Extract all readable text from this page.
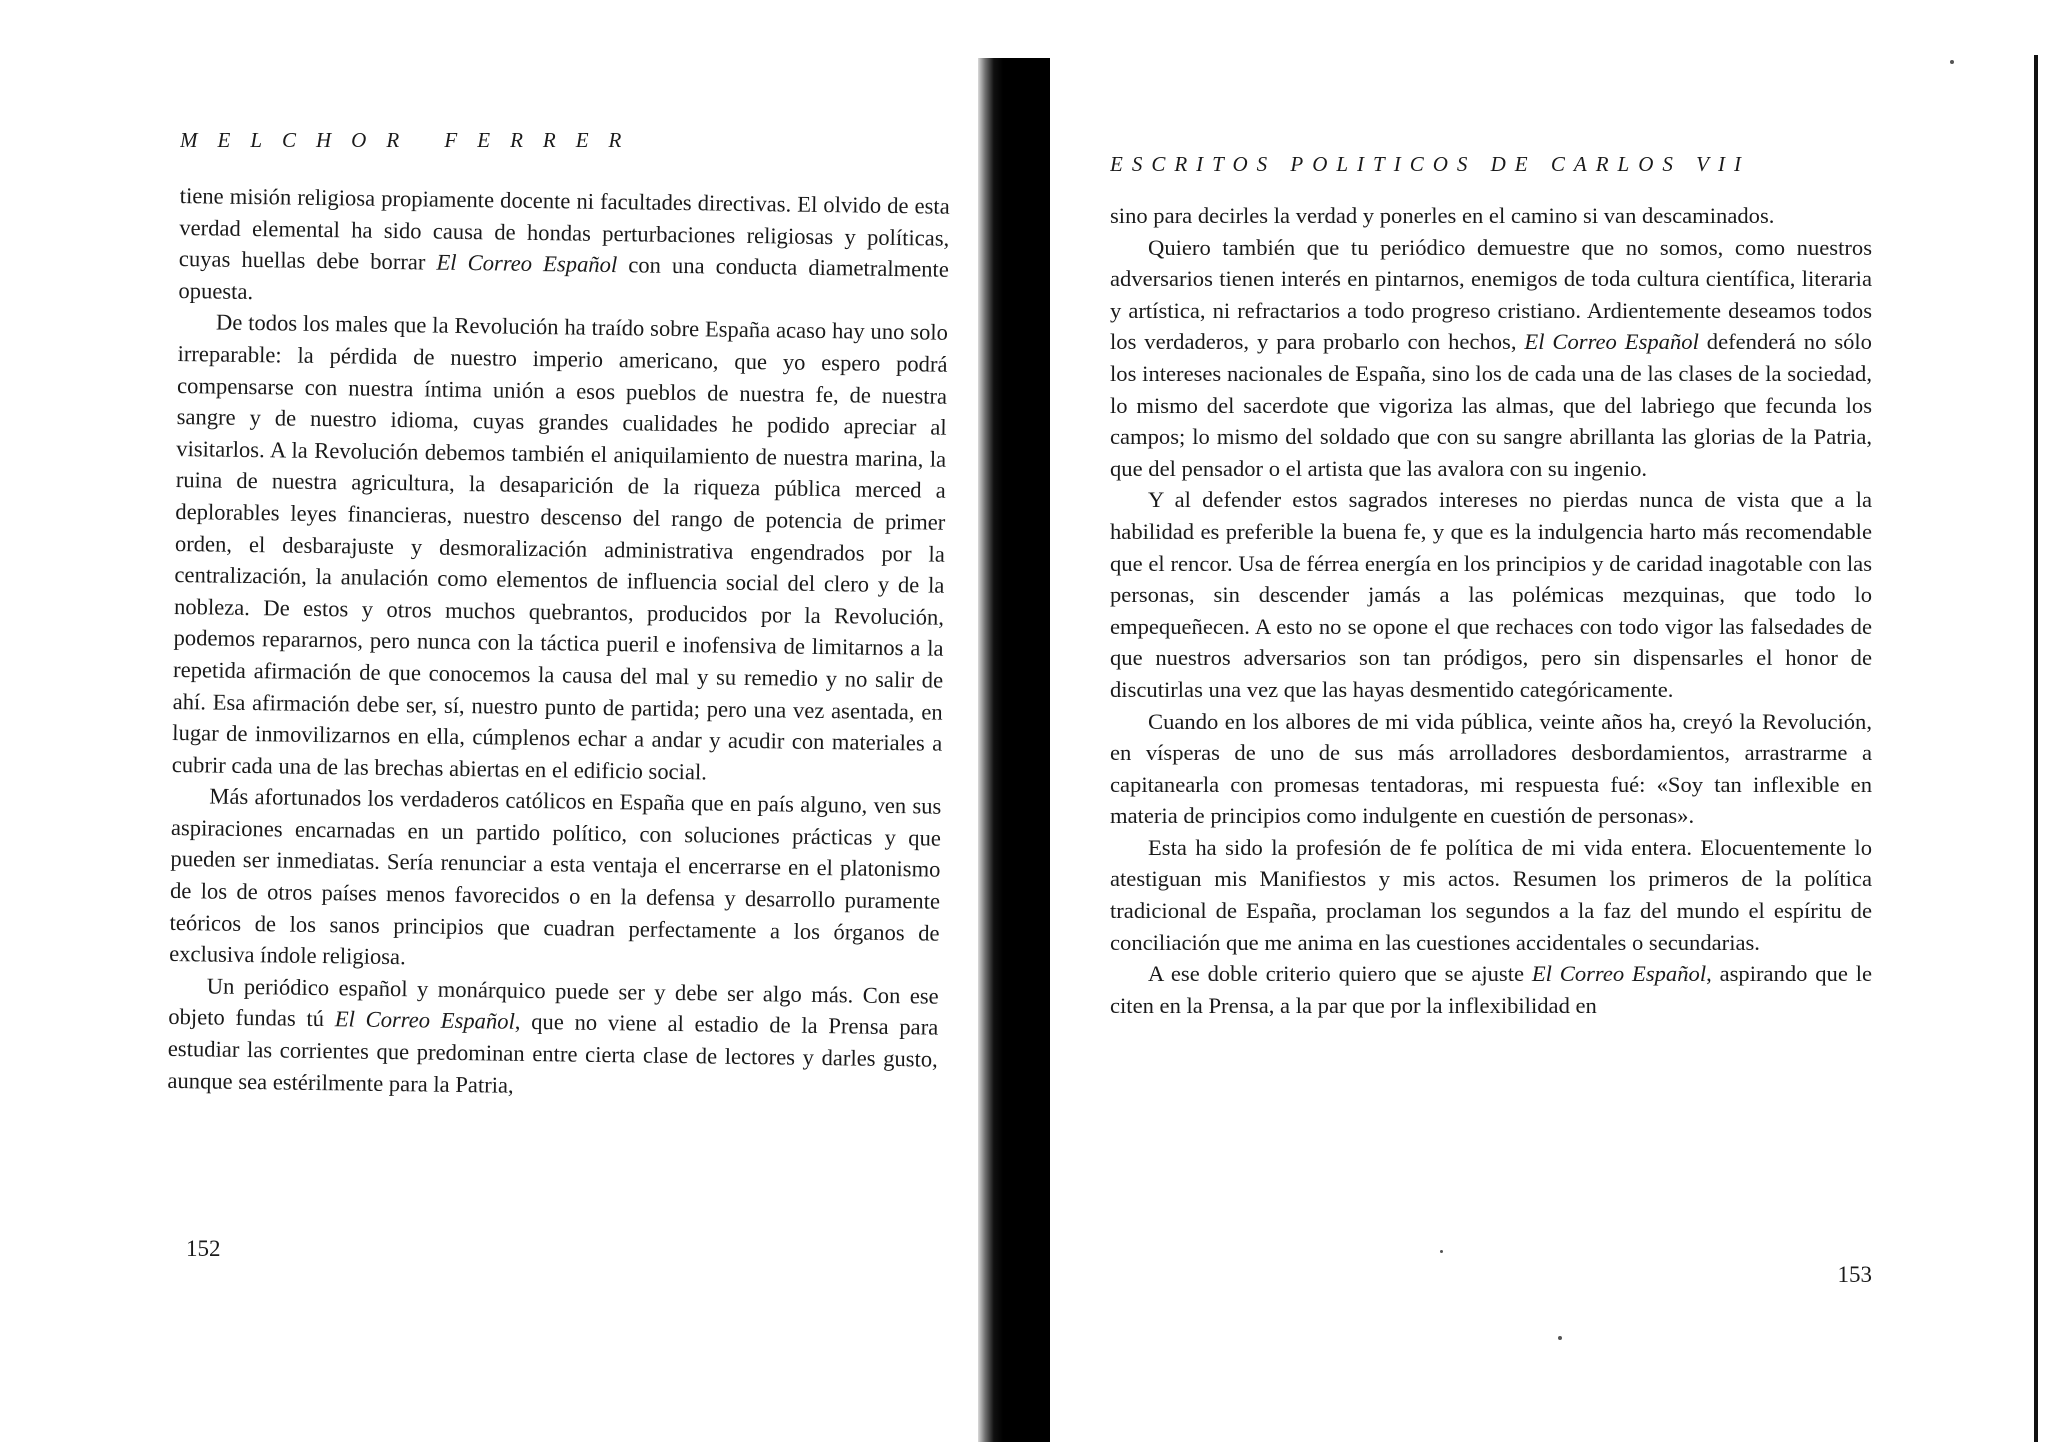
MELCHOR FERRER

tiene misión religiosa propiamente docente ni facultades directivas. El olvido de esta verdad elemental ha sido causa de hondas perturbaciones religiosas y políticas, cuyas huellas debe borrar El Correo Español con una conducta diametralmente opuesta.

De todos los males que la Revolución ha traído sobre España acaso hay uno solo irreparable: la pérdida de nuestro imperio americano, que yo espero podrá compensarse con nuestra íntima unión a esos pueblos de nuestra fe, de nuestra sangre y de nuestro idioma, cuyas grandes cualidades he podido apreciar al visitarlos. A la Revolución debemos también el aniquilamiento de nuestra marina, la ruina de nuestra agricultura, la desaparición de la riqueza pública merced a deplorables leyes financieras, nuestro descenso del rango de potencia de primer orden, el desbarajuste y desmoralización administrativa engendrados por la centralización, la anulación como elementos de influencia social del clero y de la nobleza. De estos y otros muchos quebrantos, producidos por la Revolución, podemos repararnos, pero nunca con la táctica pueril e inofensiva de limitarnos a la repetida afirmación de que conocemos la causa del mal y su remedio y no salir de ahí. Esa afirmación debe ser, sí, nuestro punto de partida; pero una vez asentada, en lugar de inmovilizarnos en ella, cúmplenos echar a andar y acudir con materiales a cubrir cada una de las brechas abiertas en el edificio social.

Más afortunados los verdaderos católicos en España que en país alguno, ven sus aspiraciones encarnadas en un partido político, con soluciones prácticas y que pueden ser inmediatas. Sería renunciar a esta ventaja el encerrarse en el platonismo de los de otros países menos favorecidos o en la defensa y desarrollo puramente teóricos de los sanos principios que cuadran perfectamente a los órganos de exclusiva índole religiosa.

Un periódico español y monárquico puede ser y debe ser algo más. Con ese objeto fundas tú El Correo Español, que no viene al estadio de la Prensa para estudiar las corrientes que predominan entre cierta clase de lectores y darles gusto, aunque sea estérilmente para la Patria,

152
ESCRITOS POLITICOS DE CARLOS VII

sino para decirles la verdad y ponerles en el camino si van descaminados.

Quiero también que tu periódico demuestre que no somos, como nuestros adversarios tienen interés en pintarnos, enemigos de toda cultura científica, literaria y artística, ni refractarios a todo progreso cristiano. Ardientemente deseamos todos los verdaderos, y para probarlo con hechos, El Correo Español defenderá no sólo los intereses nacionales de España, sino los de cada una de las clases de la sociedad, lo mismo del sacerdote que vigoriza las almas, que del labriego que fecunda los campos; lo mismo del soldado que con su sangre abrillanta las glorias de la Patria, que del pensador o el artista que las avalora con su ingenio.

Y al defender estos sagrados intereses no pierdas nunca de vista que a la habilidad es preferible la buena fe, y que es la indulgencia harto más recomendable que el rencor. Usa de férrea energía en los principios y de caridad inagotable con las personas, sin descender jamás a las polémicas mezquinas, que todo lo empequeñecen. A esto no se opone el que rechaces con todo vigor las falsedades de que nuestros adversarios son tan pródigos, pero sin dispensarles el honor de discutirlas una vez que las hayas desmentido categóricamente.

Cuando en los albores de mi vida pública, veinte años ha, creyó la Revolución, en vísperas de uno de sus más arrolladores desbordamientos, arrastrarme a capitanearla con promesas tentadoras, mi respuesta fué: «Soy tan inflexible en materia de principios como indulgente en cuestión de personas».

Esta ha sido la profesión de fe política de mi vida entera. Elocuentemente lo atestiguan mis Manifiestos y mis actos. Resumen los primeros de la política tradicional de España, proclaman los segundos a la faz del mundo el espíritu de conciliación que me anima en las cuestiones accidentales o secundarias.

A ese doble criterio quiero que se ajuste El Correo Español, aspirando que le citen en la Prensa, a la par que por la inflexibilidad en

153
